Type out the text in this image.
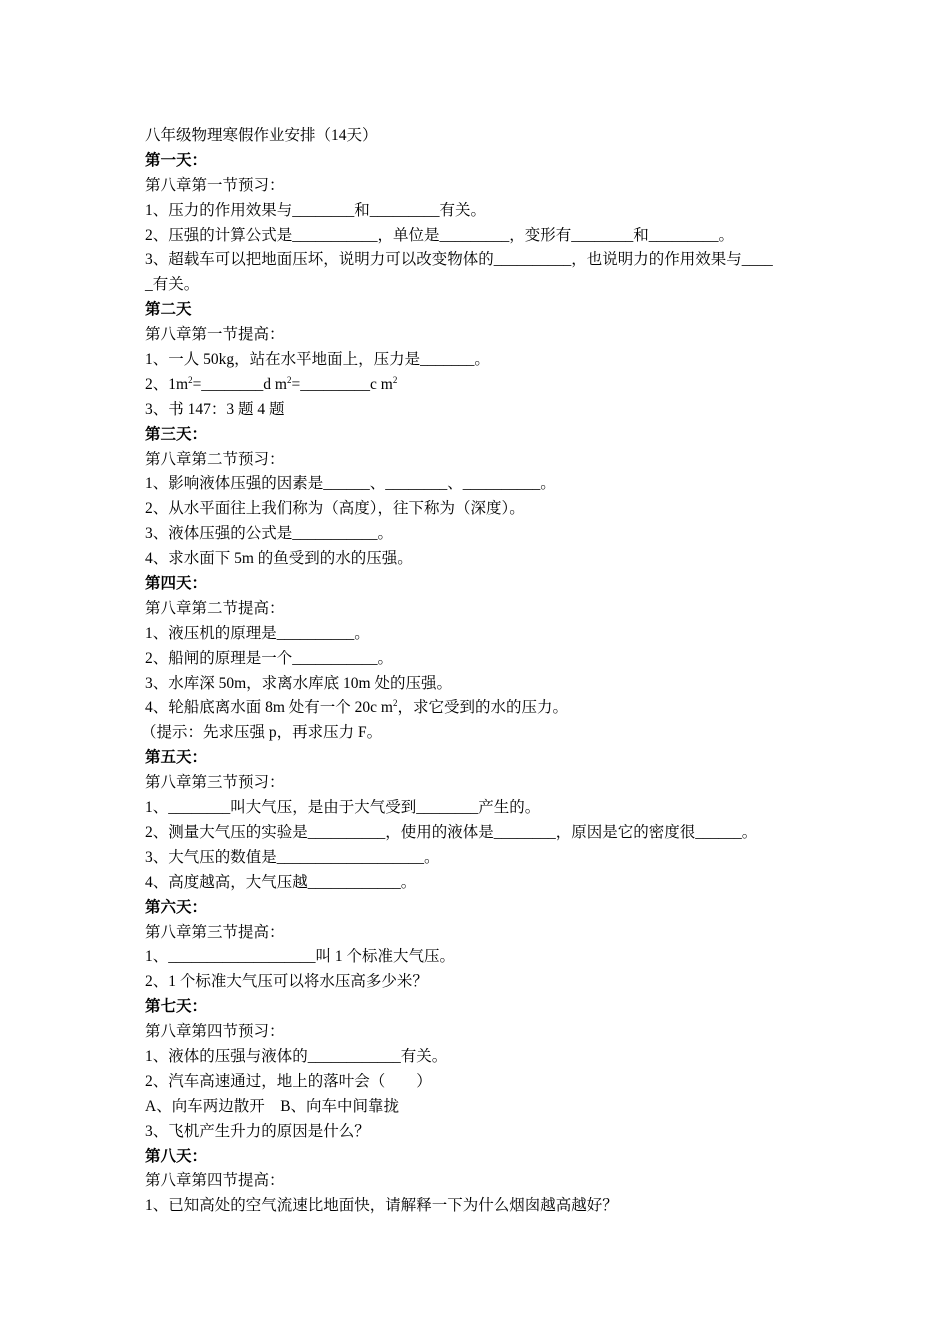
八年级物理寒假作业安排（14天）
第一天：
第八章第一节预习：
1、压力的作用效果与________和_________有关。
2、压强的计算公式是___________，单位是_________，变形有________和_________。
3、超载车可以把地面压坏，说明力可以改变物体的__________，也说明力的作用效果与____
_有关。
第二天
第八章第一节提高：
1、一人 50kg，站在水平地面上，压力是_______。
2、$1m^2=\_\_\_\_\_\_\_\_d$ $m^2=\_\_\_\_\_\_\_\_\_c$ $m^2$
3、书 147：3 题 4 题
第三天：
第八章第二节预习：
1、影响液体压强的因素是______、________、__________。
2、从水平面往上我们称为（高度），往下称为（深度）。
3、液体压强的公式是___________。
4、求水面下 5m 的鱼受到的水的压强。
第四天：
第八章第二节提高：
1、液压机的原理是__________。
2、船闸的原理是一个___________。
3、水库深 50m，求离水库底 10m 处的压强。
4、轮船底离水面 8m 处有一个 20c $m^2$，求它受到的水的压力。
（提示：先求压强 p，再求压力 F。
第五天：
第八章第三节预习：
1、________叫大气压，是由于大气受到________产生的。
2、测量大气压的实验是__________，使用的液体是________，原因是它的密度很______。
3、大气压的数值是___________________。
4、高度越高，大气压越____________。
第六天：
第八章第三节提高：
1、___________________叫 1 个标准大气压。
2、1 个标准大气压可以将水压高多少米？
第七天：
第八章第四节预习：
1、液体的压强与液体的____________有关。
2、汽车高速通过，地上的落叶会（　　）
A、向车两边散开　B、向车中间靠拢
3、飞机产生升力的原因是什么？
第八天：
第八章第四节提高：
1、已知高处的空气流速比地面快，请解释一下为什么烟囱越高越好？
